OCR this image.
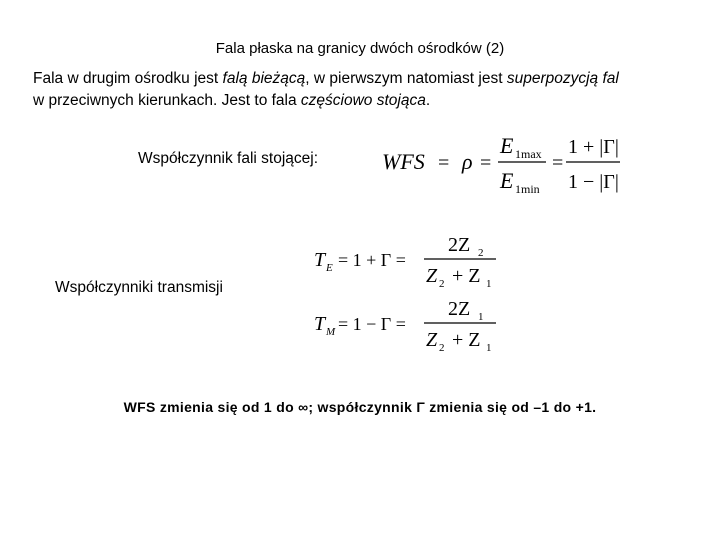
Fala płaska na granicy dwóch ośrodków (2)
Fala w drugim ośrodku jest falą bieżącą, w pierwszym natomiast jest superpozycją fal
w przeciwnych kierunkach. Jest to fala częściowo stojąca.
Współczynnik fali stojącej:	WFS = ρ =
E 1max
E 1min
=
1 + |Γ|
1 − |Γ|
Współczynniki transmisji
T E = 1 + Γ =
2Z 2
Z 2 + Z 1
T M = 1 − Γ =
2Z 1
Z 2 + Z 1
WFS zmienia się od 1 do ∞; współczynnik Γ zmienia się od –1 do +1.
